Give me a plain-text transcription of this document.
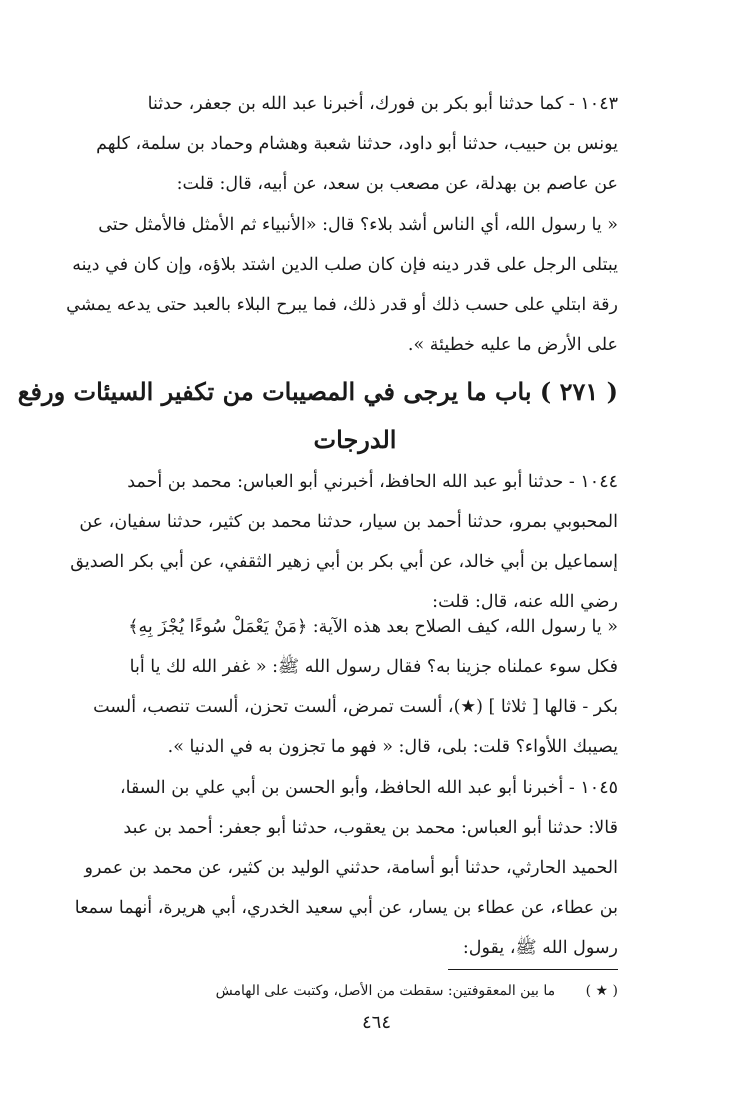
١٠٤٣ - كما حدثنا أبو بكر بن فورك، أخبرنا عبد الله بن جعفر، حدثنا
يونس بن حبيب، حدثنا أبو داود، حدثنا شعبة وهشام وحماد بن سلمة، كلهم
عن عاصم بن بهدلة، عن مصعب بن سعد، عن أبيه، قال: قلت:
« يا رسول الله، أي الناس أشد بلاء؟ قال: «الأنبياء ثم الأمثل فالأمثل حتى
يبتلى الرجل على قدر دينه فإن كان صلب الدين اشتد بلاؤه، وإن كان في دينه
رقة ابتلي على حسب ذلك أو قدر ذلك، فما يبرح البلاء بالعبد حتى يدعه يمشي
على الأرض ما عليه خطيئة ».
( ٢٧١ ) باب ما يرجى في المصيبات من تكفير السيئات ورفع
الدرجات
١٠٤٤ - حدثنا أبو عبد الله الحافظ، أخبرني أبو العباس: محمد بن أحمد
المحبوبي بمرو، حدثنا أحمد بن سيار، حدثنا محمد بن كثير، حدثنا سفيان، عن
إسماعيل بن أبي خالد، عن أبي بكر بن أبي زهير الثقفي، عن أبي بكر الصديق
رضي الله عنه، قال: قلت:
« يا رسول الله، كيف الصلاح بعد هذه الآية: ﴿مَنْ يَعْمَلْ سُوءًا يُجْزَ بِهِ﴾
فكل سوء عملناه جزينا به؟ فقال رسول الله ﷺ: « غفر الله لك يا أبا
بكر - قالها [ ثلاثا ] (★)، ألست تمرض، ألست تحزن، ألست تنصب، ألست
يصيبك اللأواء؟ قلت: بلى، قال: « فهو ما تجزون به في الدنيا ».
١٠٤٥ - أخبرنا أبو عبد الله الحافظ، وأبو الحسن بن أبي علي بن السقا،
قالا: حدثنا أبو العباس: محمد بن يعقوب، حدثنا أبو جعفر: أحمد بن عبد
الحميد الحارثي، حدثنا أبو أسامة، حدثني الوليد بن كثير، عن محمد بن عمرو
بن عطاء، عن عطاء بن يسار، عن أبي سعيد الخدري، أبي هريرة، أنهما سمعا
رسول الله ﷺ، يقول:
( ★ ) ما بين المعقوفتين: سقطت من الأصل، وكتبت على الهامش
٤٦٤
